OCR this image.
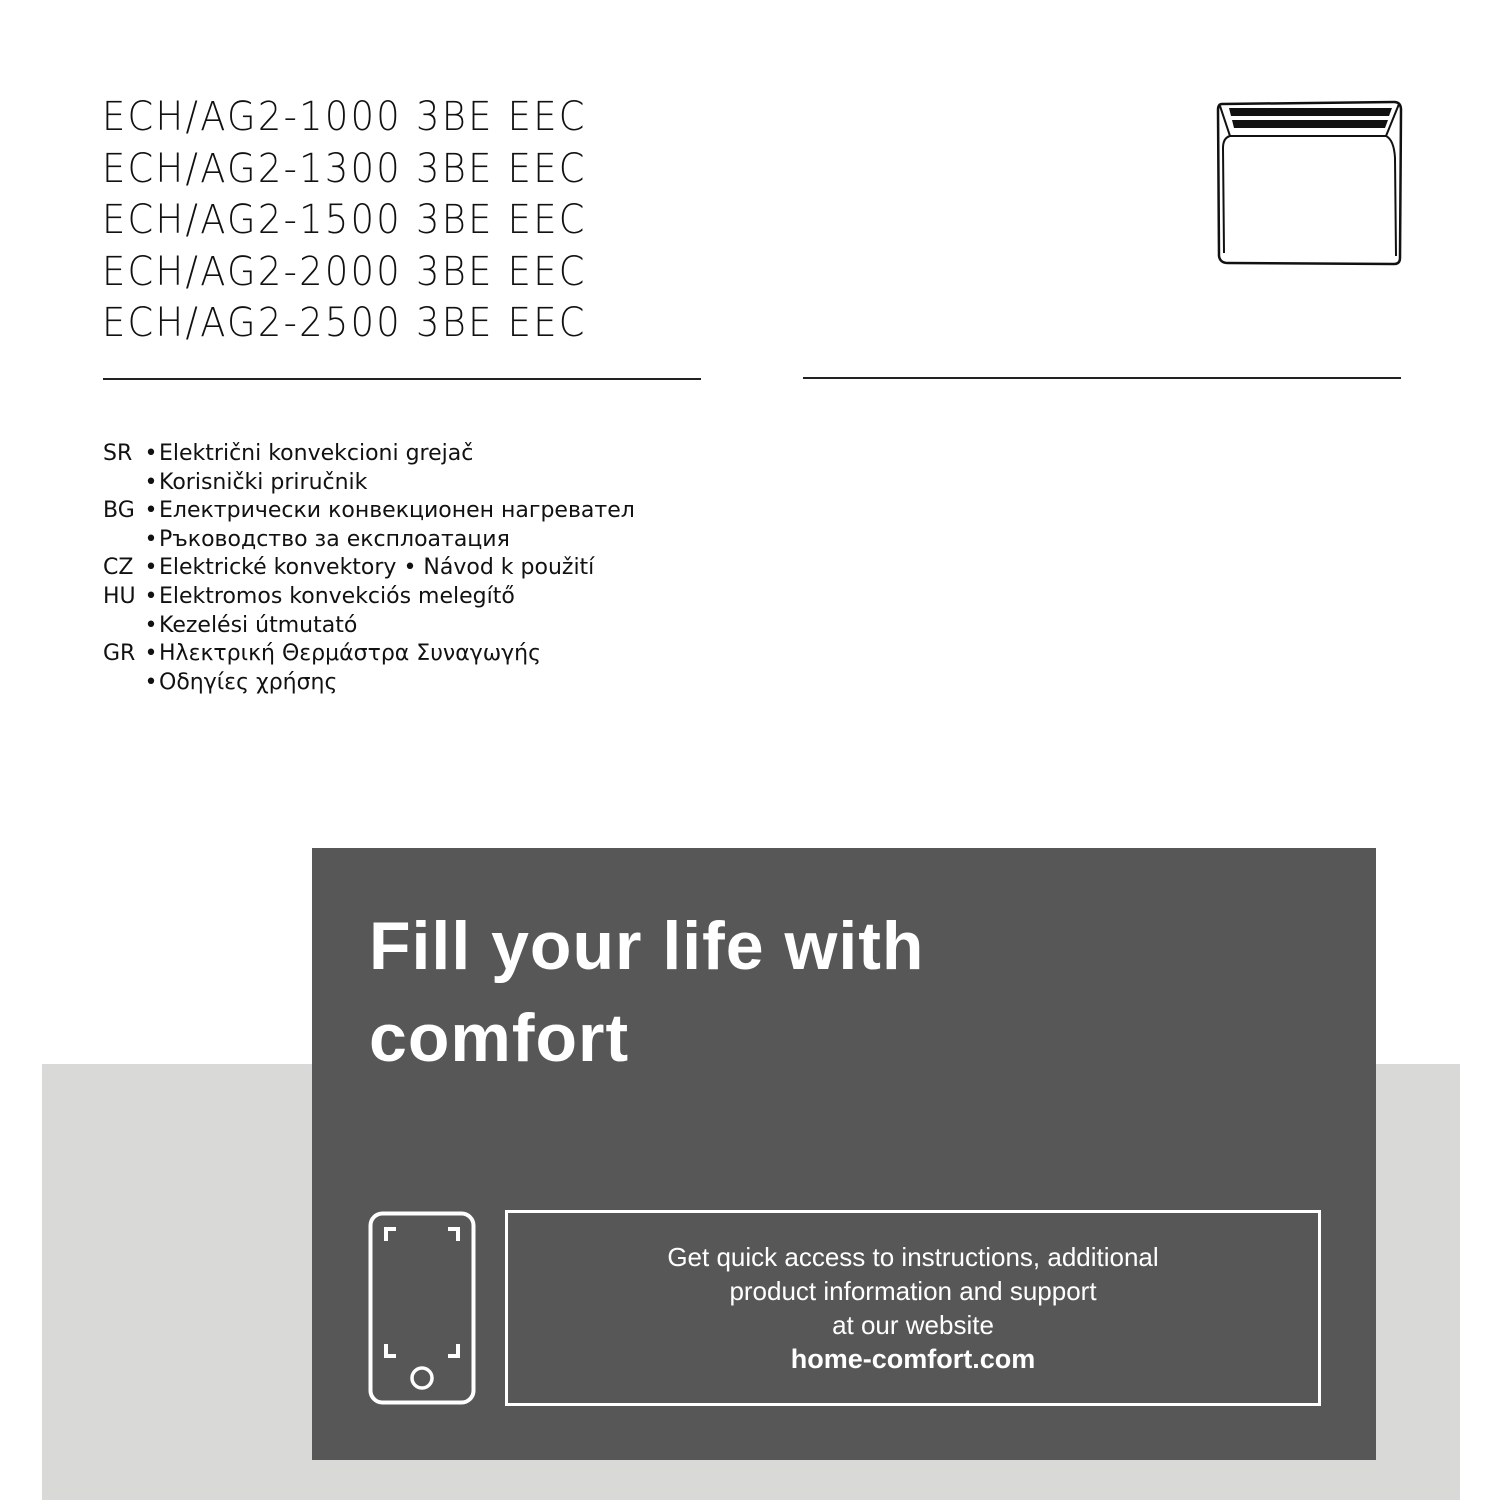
ECH/AG2-1000 3BE EEC
ECH/AG2-1300 3BE EEC
ECH/AG2-1500 3BE EEC
ECH/AG2-2000 3BE EEC
ECH/AG2-2500 3BE EEC
SR • Električni konvekcioni grejač
• Korisnički priručnik
BG • Електрически конвекционен нагревател
• Ръководство за експлоатация
CZ • Elektrické konvektory • Návod k použití
HU • Elektromos konvekciós melegítő
• Kezelési útmutató
GR • Ηλεκτρική Θερμάστρα Συναγωγής
• Οδηγίες χρήσης
Fill your life with
comfort
Get quick access to instructions, additional
product information and support
at our website
home-comfort.com
